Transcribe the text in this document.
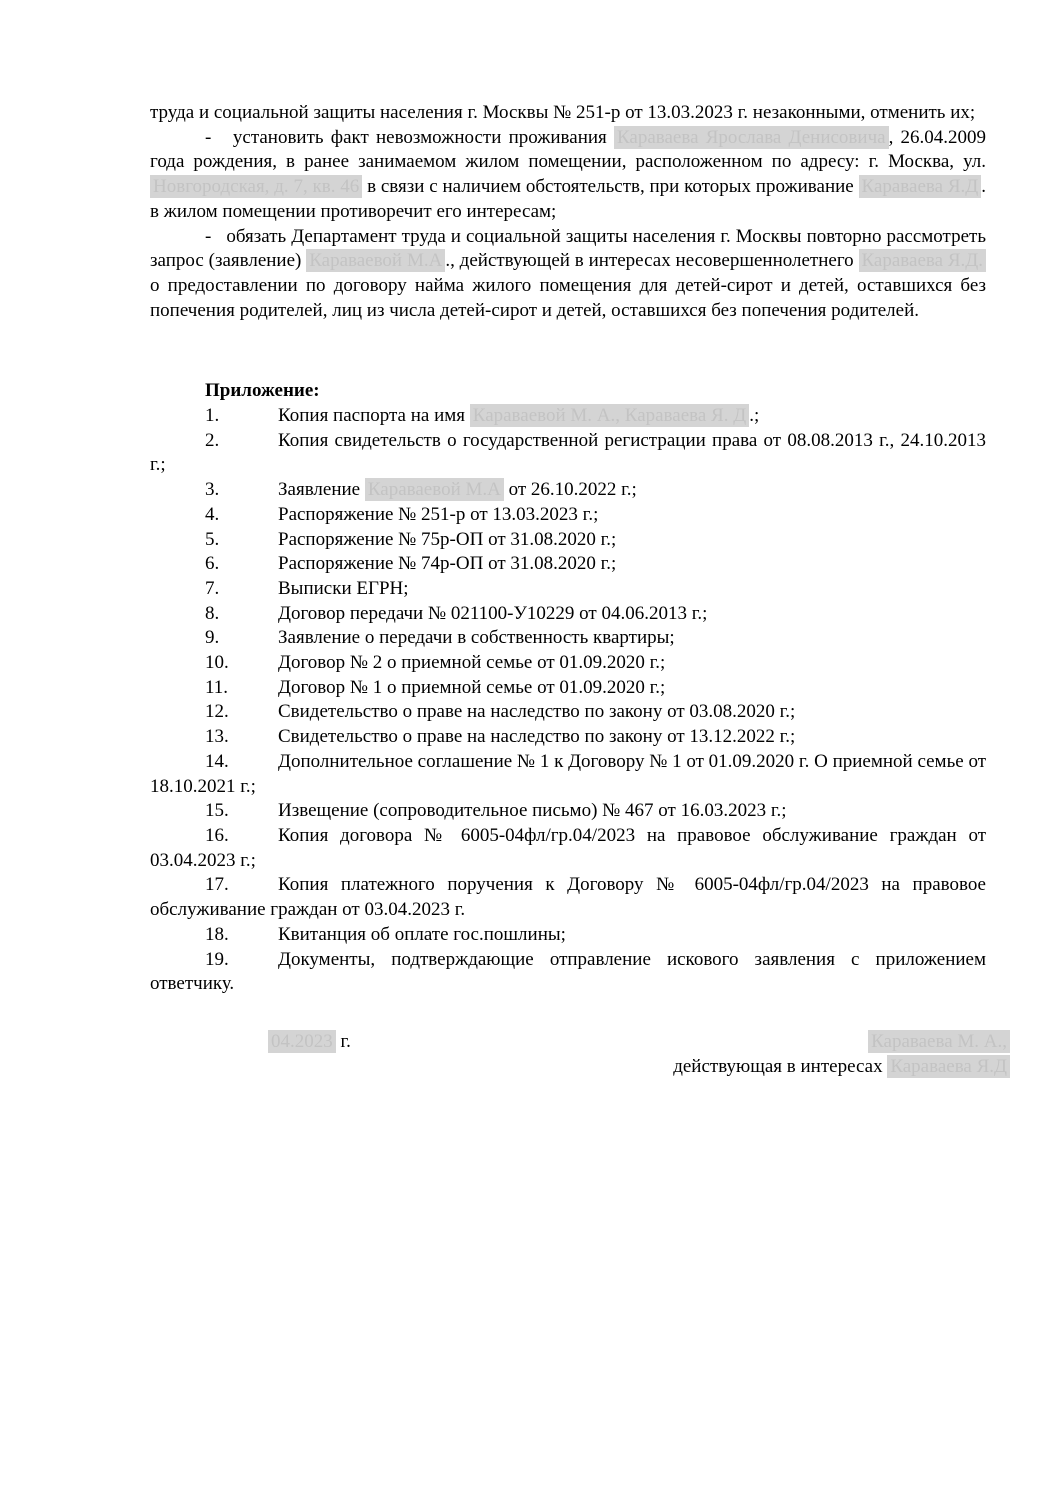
труда и социальной защиты населения г. Москвы № 251-р от 13.03.2023 г. незаконными, отменить их;

-   установить факт невозможности проживания Караваева Ярослава Денисовича , 26.04.2009 года рождения, в ранее занимаемом жилом помещении, расположенном по адресу: г. Москва, ул. Новгородская, д. 7, кв. 46 в связи с наличием обстоятельств, при которых проживание Караваева Я.Д . в жилом помещении противоречит его интересам;

-   обязать Департамент труда и социальной защиты населения г. Москвы повторно рассмотреть запрос (заявление) Караваевой М.А ., действующей в интересах несовершеннолетнего Караваева Я.Д. о предоставлении по договору найма жилого помещения для детей-сирот и детей, оставшихся без попечения родителей, лиц из числа детей-сирот и детей, оставшихся без попечения родителей.

Приложение:

1.	Копия паспорта на имя Караваевой М. А., Караваева Я. Д .;

2.	Копия свидетельств о государственной регистрации права от 08.08.2013 г., 24.10.2013 г.;

3.	Заявление Караваевой М.А от 26.10.2022 г.;

4.	Распоряжение № 251-р от 13.03.2023 г.;

5.	Распоряжение № 75р-ОП от 31.08.2020 г.;

6.	Распоряжение № 74р-ОП от 31.08.2020 г.;

7.	Выписки ЕГРН;

8.	Договор передачи № 021100-У10229 от 04.06.2013 г.;

9.	Заявление о передачи в собственность квартиры;

10.	Договор № 2 о приемной семье от 01.09.2020 г.;

11.	Договор № 1 о приемной семье от 01.09.2020 г.;

12.	Свидетельство о праве на наследство по закону от 03.08.2020 г.;

13.	Свидетельство о праве на наследство по закону от 13.12.2022 г.;

14.	Дополнительное соглашение № 1 к Договору № 1 от 01.09.2020 г. О приемной семье от 18.10.2021 г.;

15.	Извещение (сопроводительное письмо) № 467 от 16.03.2023 г.;

16.	Копия договора № 6005-04фл/гр.04/2023 на правовое обслуживание граждан от 03.04.2023 г.;

17.	Копия платежного поручения к Договору № 6005-04фл/гр.04/2023 на правовое обслуживание граждан от 03.04.2023 г.

18.	Квитанция об оплате гос.пошлины;

19.	Документы, подтверждающие отправление искового заявления с приложением ответчику.

04.2023 г.	Караваева М. А.,
действующая в интересах Караваева Я.Д
